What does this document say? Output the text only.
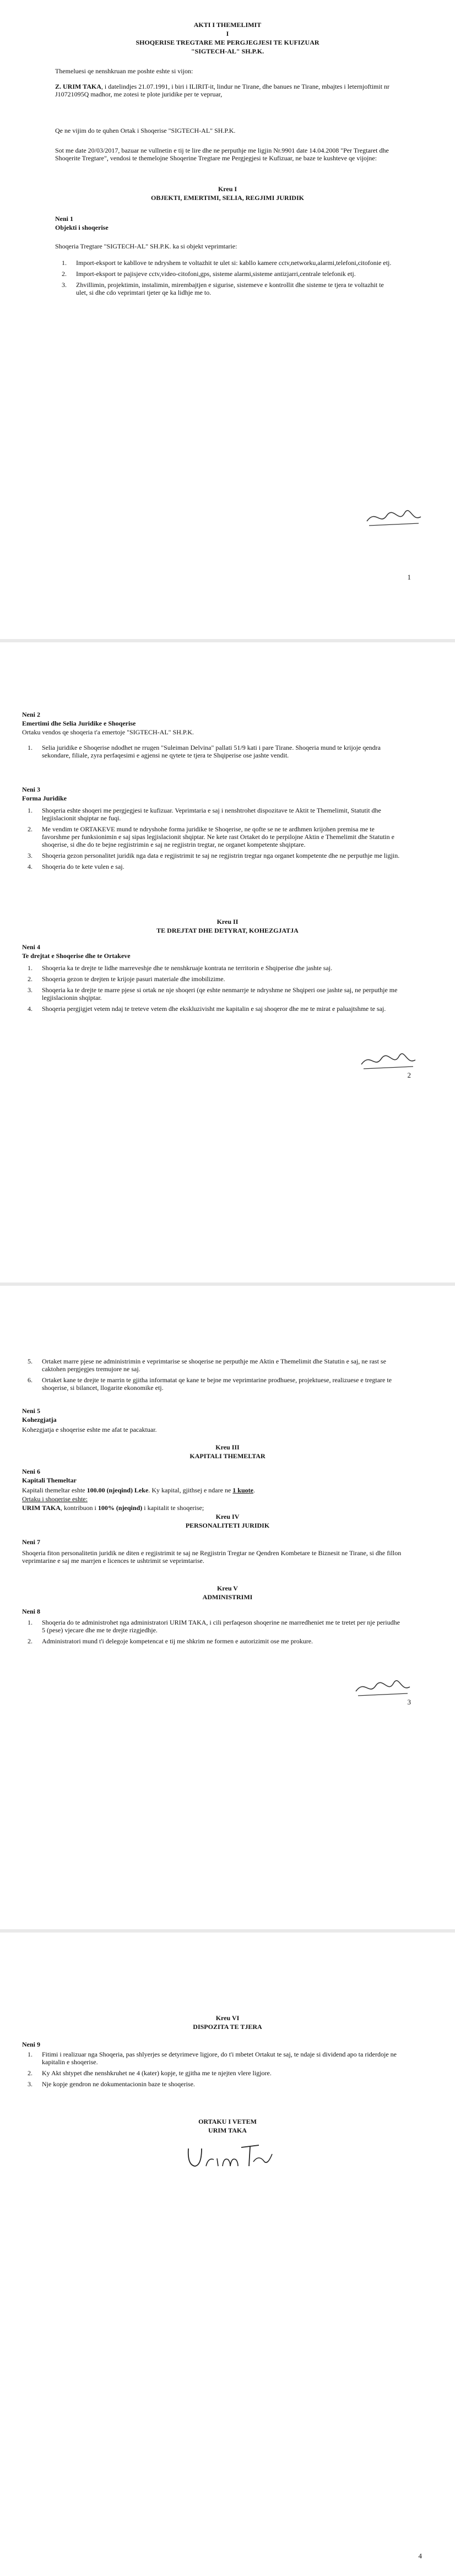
AKTI I THEMELIMIT
I
SHOQERISE TREGTARE ME PERGJEGJESI TE KUFIZUAR
"SIGTECH-AL" SH.P.K.
Themeluesi qe nenshkruan me poshte eshte si vijon:
Z. URIM TAKA, i datelindjes 21.07.1991, i biri i ILIRIT-it, lindur ne Tirane, dhe banues ne Tirane, mbajtes i leternjoftimit nr J10721095Q madhor, me zotesi te plote juridike per te vepruar,
Qe ne vijim do te quhen Ortak i Shoqerise "SIGTECH-AL" SH.P.K.
Sot me date 20/03/2017, bazuar ne vullnetin e tij te lire dhe ne perputhje me ligjin Nr.9901 date 14.04.2008 "Per Tregtaret dhe Shoqerite Tregtare", vendosi te themelojne Shoqerine Tregtare me Pergjegjesi te Kufizuar, ne baze te kushteve qe vijojne:
Kreu I
OBJEKTI, EMERTIMI, SELIA, REGJIMI JURIDIK
Neni 1
Objekti i shoqerise
Shoqeria Tregtare "SIGTECH-AL" SH.P.K. ka si objekt veprimtarie:
1.	Import-eksport te kabllove te ndryshem te voltazhit te ulet si: kabllo kamere cctv,networku,alarmi,telefoni,citofonie etj.
2.	Import-eksport te pajisjeve cctv,video-citofoni,gps, sisteme alarmi,sisteme antizjarri,centrale telefonik etj.
3.	Zhvillimin, projektimin, instalimin, mirembajtjen e sigurise, sistemeve e kontrollit dhe sisteme te tjera te voltazhit te ulet, si dhe cdo veprimtari tjeter qe ka lidhje me to.
1
Neni 2
Emertimi dhe Selia Juridike e Shoqerise
Ortaku vendos qe shoqeria t'a emertoje "SIGTECH-AL" SH.P.K.
1.	Selia juridike e Shoqerise ndodhet ne rrugen "Suleiman Delvina" pallati 51/9 kati i pare Tirane. Shoqeria mund te krijoje qendra sekondare, filiale, zyra perfaqesimi e agjensi ne qytete te tjera te Shqiperise ose jashte vendit.
Neni 3
Forma Juridike
1.	Shoqeria eshte shoqeri me pergjegjesi te kufizuar. Veprimtaria e saj i nenshtrohet dispozitave te Aktit te Themelimit, Statutit dhe legjislacionit shqiptar ne fuqi.
2.	Me vendim te ORTAKEVE mund te ndryshohe forma juridike te Shoqerise, ne qofte se ne te ardhmen krijohen premisa me te favorshme per funksionimin e saj sipas legjislacionit shqiptar. Ne kete rast Ortaket do te perpilojne Aktin e Themelimit dhe Statutin e shoqerise, si dhe do te bejne regjistrimin e saj ne regjistrin tregtar, ne organet kompetente shqiptare.
3.	Shoqeria gezon personalitet juridik nga data e regjistrimit te saj ne regjistrin tregtar nga organet kompetente dhe ne perputhje me ligjin.
4.	Shoqeria do te kete vulen e saj.
Kreu II
TE DREJTAT DHE DETYRAT, KOHEZGJATJA
Neni 4
Te drejtat e Shoqerise dhe te Ortakeve
1.	Shoqeria ka te drejte te lidhe marreveshje dhe te nenshkruaje kontrata ne territorin e Shqiperise dhe jashte saj.
2.	Shoqeria gezon te drejten te krijoje pasuri materiale dhe imobilizime.
3.	Shoqeria ka te drejte te marre pjese si ortak ne nje shoqeri (qe eshte nenmarrje te ndryshme ne Shqiperi ose jashte saj, ne perputhje me legjislacionin shqiptar.
4.	Shoqeria pergjigjet vetem ndaj te treteve vetem dhe ekskluzivisht me kapitalin e saj shoqeror dhe me te mirat e paluajtshme te saj.
2
5.	Ortaket marre pjese ne administrimin e veprimtarise se shoqerise ne perputhje me Aktin e Themelimit dhe Statutin e saj, ne rast se caktohen pergjegjes tremujore ne saj.
6.	Ortaket kane te drejte te marrin te gjitha informatat qe kane te bejne me veprimtarine prodhuese, projektuese, realizuese e tregtare te shoqerise, si bilancet, llogarite ekonomike etj.
Neni 5
Kohezgjatja
Kohezgjatja e shoqerise eshte me afat te pacaktuar.
Kreu III
KAPITALI THEMELTAR
Neni 6
Kapitali Themeltar
Kapitali themeltar eshte 100.00 (njeqind) Leke. Ky kapital, gjithsej e ndare ne 1 kuote.
Ortaku i shoqerise eshte:
URIM TAKA, kontribuon i 100% (njeqind) i kapitalit te shoqerise;
Kreu IV
PERSONALITETI JURIDIK
Neni 7
Shoqeria fiton personalitetin juridik ne diten e regjistrimit te saj ne Regjistrin Tregtar ne Qendren Kombetare te Biznesit ne Tirane, si dhe fillon veprimtarine e saj me marrjen e licences te ushtrimit se veprimtarise.
Kreu V
ADMINISTRIMI
Neni 8
1.	Shoqeria do te administrohet nga administratori URIM TAKA, i cili perfaqeson shoqerine ne marredheniet me te tretet per nje periudhe 5 (pese) vjecare dhe me te drejte rizgjedhje.
2.	Administratori mund t'i delegoje kompetencat e tij me shkrim ne formen e autorizimit ose me prokure.
3
Kreu VI
DISPOZITA TE TJERA
Neni 9
1.	Fitimi i realizuar nga Shoqeria, pas shlyerjes se detyrimeve ligjore, do t'i mbetet Ortakut te saj, te ndaje si dividend apo ta riderdoje ne kapitalin e shoqerise.
2.	Ky Akt shtypet dhe nenshkruhet ne 4 (kater) kopje, te gjitha me te njejten vlere ligjore.
3.	Nje kopje gendron ne dokumentacionin baze te shoqerise.
ORTAKU I VETEM
URIM TAKA
4
